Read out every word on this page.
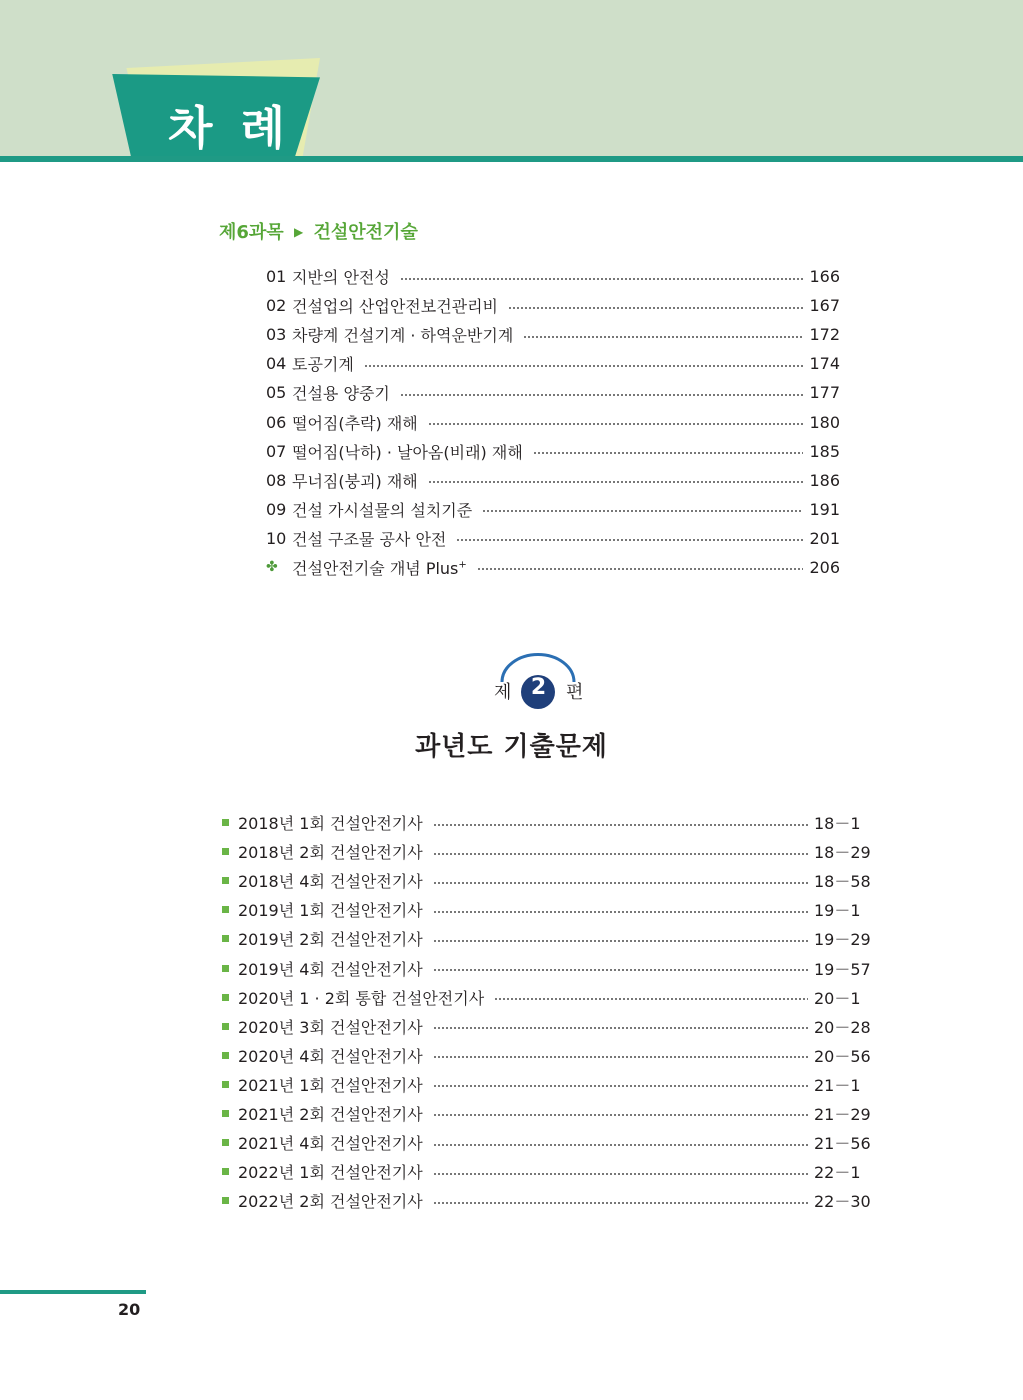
차 례
제6과목 ▶ 건설안전기술
01 지반의 안전성	166
02 건설업의 산업안전보건관리비	167
03 차량계 건설기계 · 하역운반기계	172
04 토공기계	174
05 건설용 양중기	177
06 떨어짐(추락) 재해	180
07 떨어짐(낙하) · 날아옴(비래) 재해	185
08 무너짐(붕괴) 재해	186
09 건설 가시설물의 설치기준	191
10 건설 구조물 공사 안전	201
✤ 건설안전기술 개념 Plus+	206
제 2 편
과년도 기출문제
2018년 1회 건설안전기사	18－1
2018년 2회 건설안전기사	18－29
2018년 4회 건설안전기사	18－58
2019년 1회 건설안전기사	19－1
2019년 2회 건설안전기사	19－29
2019년 4회 건설안전기사	19－57
2020년 1 · 2회 통합 건설안전기사	20－1
2020년 3회 건설안전기사	20－28
2020년 4회 건설안전기사	20－56
2021년 1회 건설안전기사	21－1
2021년 2회 건설안전기사	21－29
2021년 4회 건설안전기사	21－56
2022년 1회 건설안전기사	22－1
2022년 2회 건설안전기사	22－30
20
